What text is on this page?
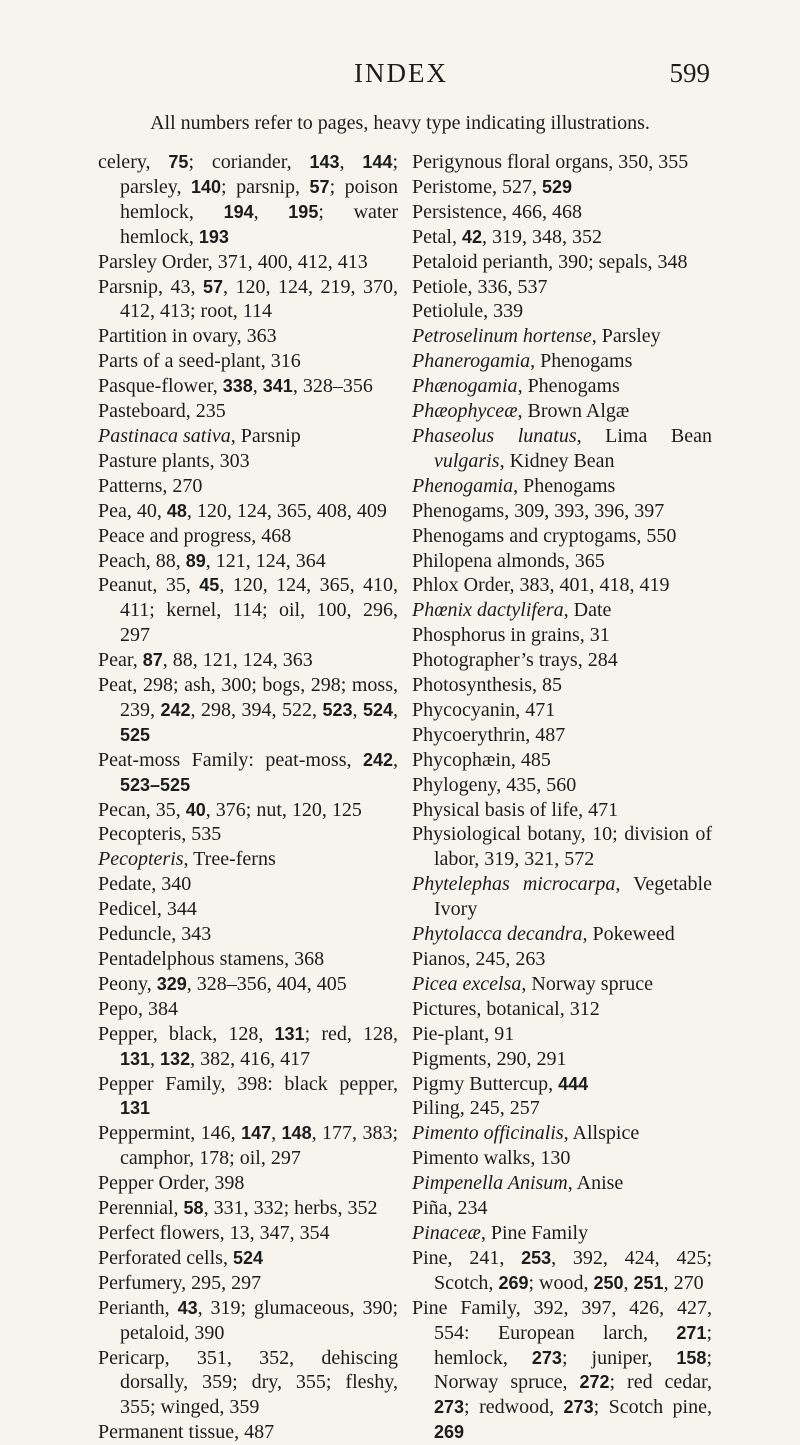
INDEX	599
All numbers refer to pages, heavy type indicating illustrations.
celery, 75; coriander, 143, 144; parsley, 140; parsnip, 57; poison hemlock, 194, 195; water hemlock, 193
Parsley Order, 371, 400, 412, 413
Parsnip, 43, 57, 120, 124, 219, 370, 412, 413; root, 114
Partition in ovary, 363
Parts of a seed-plant, 316
Pasque-flower, 338, 341, 328–356
Pasteboard, 235
Pastinaca sativa, Parsnip
Pasture plants, 303
Patterns, 270
Pea, 40, 48, 120, 124, 365, 408, 409
Peace and progress, 468
Peach, 88, 89, 121, 124, 364
Peanut, 35, 45, 120, 124, 365, 410, 411; kernel, 114; oil, 100, 296, 297
Pear, 87, 88, 121, 124, 363
Peat, 298; ash, 300; bogs, 298; moss, 239, 242, 298, 394, 522, 523, 524, 525
Peat-moss Family: peat-moss, 242, 523–525
Pecan, 35, 40, 376; nut, 120, 125
Pecopteris, 535
Pecopteris, Tree-ferns
Pedate, 340
Pedicel, 344
Peduncle, 343
Pentadelphous stamens, 368
Peony, 329, 328–356, 404, 405
Pepo, 384
Pepper, black, 128, 131; red, 128, 131, 132, 382, 416, 417
Pepper Family, 398: black pepper, 131
Peppermint, 146, 147, 148, 177, 383; camphor, 178; oil, 297
Pepper Order, 398
Perennial, 58, 331, 332; herbs, 352
Perfect flowers, 13, 347, 354
Perforated cells, 524
Perfumery, 295, 297
Perianth, 43, 319; glumaceous, 390; petaloid, 390
Pericarp, 351, 352, dehiscing dorsally, 359; dry, 355; fleshy, 355; winged, 359
Permanent tissue, 487
Perigynous floral organs, 350, 355
Peristome, 527, 529
Persistence, 466, 468
Petal, 42, 319, 348, 352
Petaloid perianth, 390; sepals, 348
Petiole, 336, 537
Petiolule, 339
Petroselinum hortense, Parsley
Phanerogamia, Phenogams
Phænogamia, Phenogams
Phæophyceæ, Brown Algæ
Phaseolus lunatus, Lima Bean vulgaris, Kidney Bean
Phenogamia, Phenogams
Phenogams, 309, 393, 396, 397
Phenogams and cryptogams, 550
Philopena almonds, 365
Phlox Order, 383, 401, 418, 419
Phœnix dactylifera, Date
Phosphorus in grains, 31
Photographer’s trays, 284
Photosynthesis, 85
Phycocyanin, 471
Phycoerythrin, 487
Phycophæin, 485
Phylogeny, 435, 560
Physical basis of life, 471
Physiological botany, 10; division of labor, 319, 321, 572
Phytelephas microcarpa, Vegetable Ivory
Phytolacca decandra, Pokeweed
Pianos, 245, 263
Picea excelsa, Norway spruce
Pictures, botanical, 312
Pie-plant, 91
Pigments, 290, 291
Pigmy Buttercup, 444
Piling, 245, 257
Pimento officinalis, Allspice
Pimento walks, 130
Pimpenella Anisum, Anise
Piña, 234
Pinaceæ, Pine Family
Pine, 241, 253, 392, 424, 425; Scotch, 269; wood, 250, 251, 270
Pine Family, 392, 397, 426, 427, 554: European larch, 271; hemlock, 273; juniper, 158; Norway spruce, 272; red cedar, 273; redwood, 273; Scotch pine, 269
